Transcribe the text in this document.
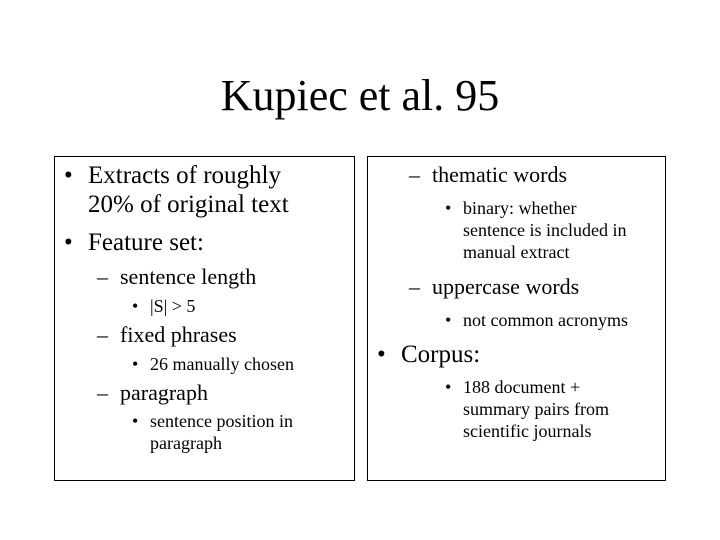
Kupiec et al. 95
• Extracts of roughly
20% of original text
• Feature set:
– sentence length
• |S| > 5
– fixed phrases
• 26 manually chosen
– paragraph
• sentence position in
paragraph
– thematic words
• binary: whether
sentence is included in
manual extract
– uppercase words
• not common acronyms
• Corpus:
• 188 document +
summary pairs from
scientific journals
